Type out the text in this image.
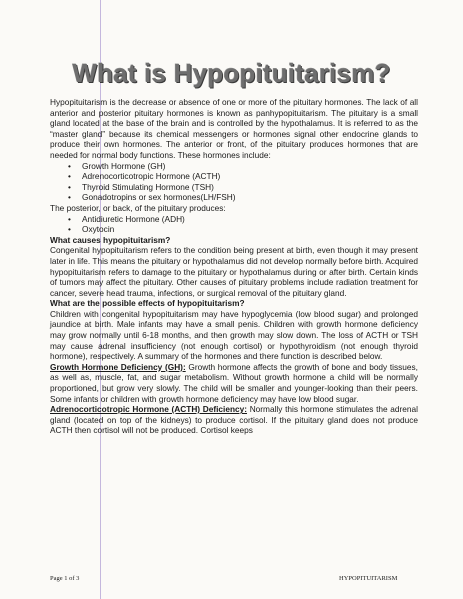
What is Hypopituitarism?

Hypopituitarism is the decrease or absence of one or more of the pituitary hormones. The lack of all anterior and posterior pituitary hormones is known as panhypopituitarism. The pituitary is a small gland located at the base of the brain and is controlled by the hypothalamus. It is referred to as the “master gland” because its chemical messengers or hormones signal other endocrine glands to produce their own hormones. The anterior or front, of the pituitary produces hormones that are needed for normal body functions. These hormones include:

• Growth Hormone (GH)
• Adrenocorticotropic Hormone (ACTH)
• Thyroid Stimulating Hormone (TSH)
• Gonadotropins or sex hormones(LH/FSH)

The posterior, or back, of the pituitary produces:

• Antidiuretic Hormone (ADH)
• Oxytocin

What causes hypopituitarism?

Congenital hypopituitarism refers to the condition being present at birth, even though it may present later in life. This means the pituitary or hypothalamus did not develop normally before birth. Acquired hypopituitarism refers to damage to the pituitary or hypothalamus during or after birth. Certain kinds of tumors may affect the pituitary. Other causes of pituitary problems include radiation treatment for cancer, severe head trauma, infections, or surgical removal of the pituitary gland.

What are the possible effects of hypopituitarism?

Children with congenital hypopituitarism may have hypoglycemia (low blood sugar) and prolonged jaundice at birth. Male infants may have a small penis. Children with growth hormone deficiency may grow normally until 6-18 months, and then growth may slow down. The loss of ACTH or TSH may cause adrenal insufficiency (not enough cortisol) or hypothyroidism (not enough thyroid hormone), respectively. A summary of the hormones and there function is described below.

Growth Hormone Deficiency (GH): Growth hormone affects the growth of bone and body tissues, as well as, muscle, fat, and sugar metabolism. Without growth hormone a child will be normally proportioned, but grow very slowly. The child will be smaller and younger-looking than their peers. Some infants or children with growth hormone deficiency may have low blood sugar.

Adrenocorticotropic Hormone (ACTH) Deficiency: Normally this hormone stimulates the adrenal gland (located on top of the kidneys) to produce cortisol. If the pituitary gland does not produce ACTH then cortisol will not be produced. Cortisol keeps

Page 1 of 3	HYPOPITUITARISM
